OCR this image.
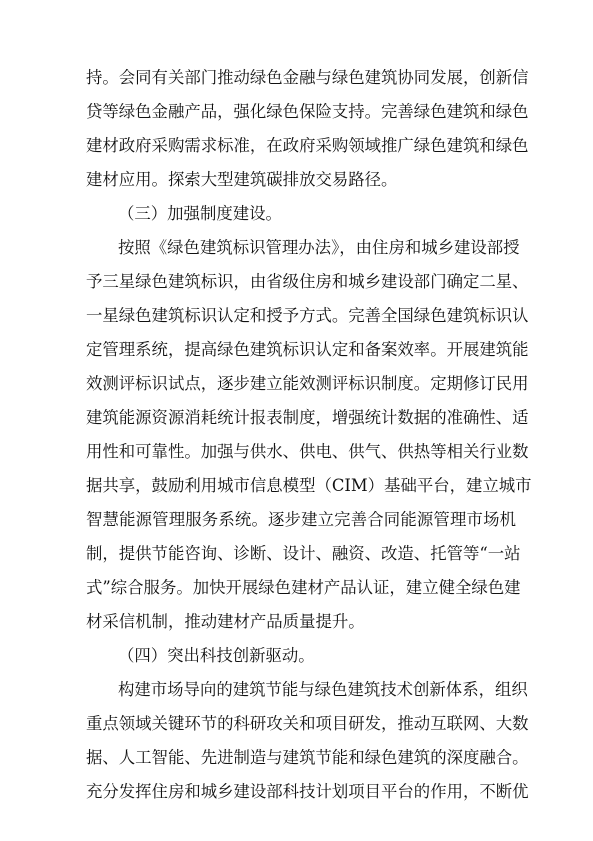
持。会同有关部门推动绿色金融与绿色建筑协同发展，创新信
贷等绿色金融产品，强化绿色保险支持。完善绿色建筑和绿色
建材政府采购需求标准，在政府采购领域推广绿色建筑和绿色
建材应用。探索大型建筑碳排放交易路径。
（三）加强制度建设。
按照《绿色建筑标识管理办法》，由住房和城乡建设部授
予三星绿色建筑标识，由省级住房和城乡建设部门确定二星、
一星绿色建筑标识认定和授予方式。完善全国绿色建筑标识认
定管理系统，提高绿色建筑标识认定和备案效率。开展建筑能
效测评标识试点，逐步建立能效测评标识制度。定期修订民用
建筑能源资源消耗统计报表制度，增强统计数据的准确性、适
用性和可靠性。加强与供水、供电、供气、供热等相关行业数
据共享，鼓励利用城市信息模型（CIM）基础平台，建立城市
智慧能源管理服务系统。逐步建立完善合同能源管理市场机
制，提供节能咨询、诊断、设计、融资、改造、托管等“一站
式”综合服务。加快开展绿色建材产品认证，建立健全绿色建
材采信机制，推动建材产品质量提升。
（四）突出科技创新驱动。
构建市场导向的建筑节能与绿色建筑技术创新体系，组织
重点领域关键环节的科研攻关和项目研发，推动互联网、大数
据、人工智能、先进制造与建筑节能和绿色建筑的深度融合。
充分发挥住房和城乡建设部科技计划项目平台的作用，不断优
